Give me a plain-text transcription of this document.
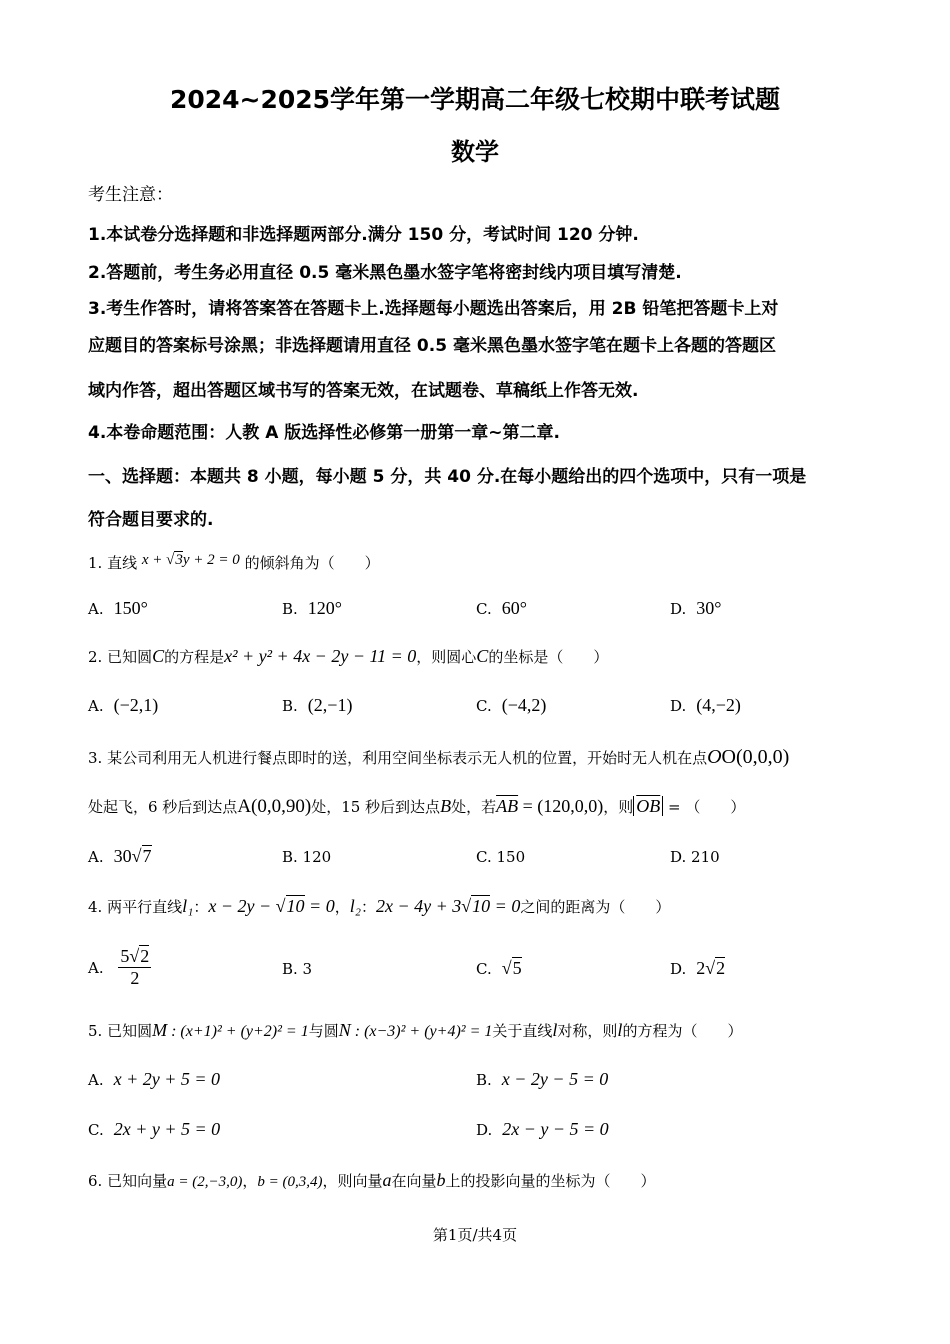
2024~2025学年第一学期高二年级七校期中联考试题
数学
考生注意：
1.本试卷分选择题和非选择题两部分.满分 150 分，考试时间 120 分钟.
2.答题前，考生务必用直径 0.5 毫米黑色墨水签字笔将密封线内项目填写清楚.
3.考生作答时，请将答案答在答题卡上.选择题每小题选出答案后，用 2B 铅笔把答题卡上对
应题目的答案标号涂黑；非选择题请用直径 0.5 毫米黑色墨水签字笔在题卡上各题的答题区
域内作答，超出答题区域书写的答案无效，在试题卷、草稿纸上作答无效.
4.本卷命题范围：人教 A 版选择性必修第一册第一章~第二章.
一、选择题：本题共 8 小题，每小题 5 分，共 40 分.在每小题给出的四个选项中，只有一项是
符合题目要求的.
1. 直线 x + √3y + 2 = 0 的倾斜角为（　　）
A. 150°	B. 120°	C. 60°	D. 30°
2. 已知圆C的方程是x² + y² + 4x − 2y − 11 = 0，则圆心C的坐标是（　　）
A. (−2,1)	B. (2,−1)	C. (−4,2)	D. (4,−2)
3. 某公司利用无人机进行餐点即时的送，利用空间坐标表示无人机的位置，开始时无人机在点OO(0,0,0)
处起飞，6 秒后到达点A(0,0,90)处，15 秒后到达点B处，若$\overline{AB} = (120,0,0)$，则 $\overline{OB}$ = （　　）
A. 30√7	B. 120	C. 150	D. 210
4. 两平行直线l₁：x − 2y − √10 = 0，l₂：2x − 4y + 3√10 = 0之间的距离为（　　）
A. $\frac{5√2}{2}$	B. 3	C. √5	D. 2√2
5. 已知圆M : (x+1)² + (y+2)² = 1与圆N : (x−3)² + (y+4)² = 1关于直线l对称，则l的方程为（　　）
A. x + 2y + 5 = 0	B. x − 2y − 5 = 0
C. 2x + y + 5 = 0	D. 2x − y − 5 = 0
6. 已知向量a = (2,−3,0)，b = (0,3,4)，则向量a在向量b上的投影向量的坐标为（　　）
第1页/共4页
